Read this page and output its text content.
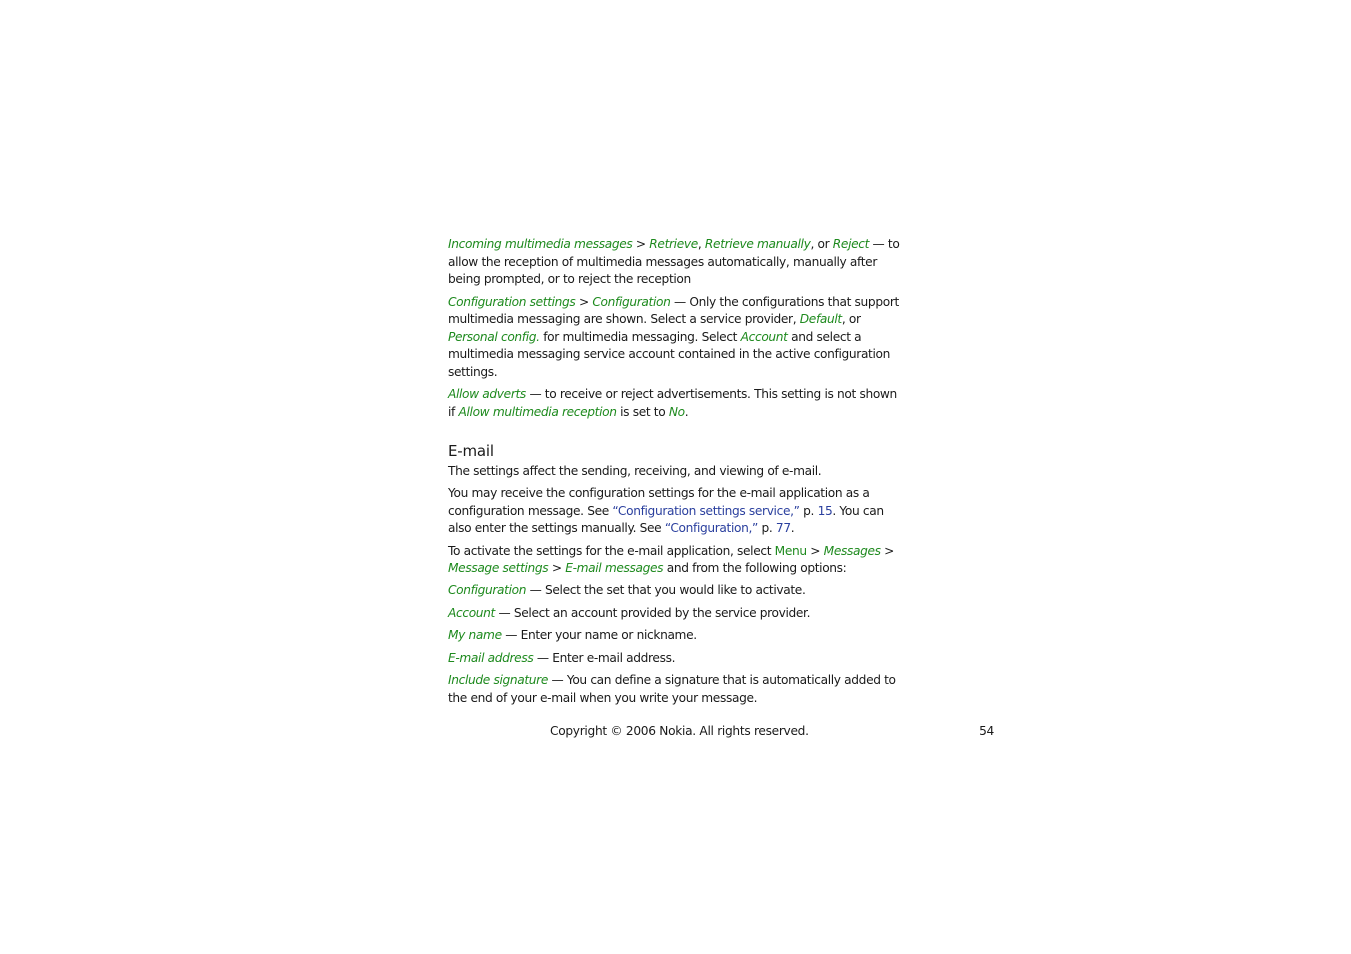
Incoming multimedia messages > Retrieve, Retrieve manually, or Reject — to allow the reception of multimedia messages automatically, manually after being prompted, or to reject the reception

Configuration settings > Configuration — Only the configurations that support multimedia messaging are shown. Select a service provider, Default, or Personal config. for multimedia messaging. Select Account and select a multimedia messaging service account contained in the active configuration settings.

Allow adverts — to receive or reject advertisements. This setting is not shown if Allow multimedia reception is set to No.

E-mail

The settings affect the sending, receiving, and viewing of e-mail.

You may receive the configuration settings for the e-mail application as a configuration message. See “Configuration settings service,” p. 15. You can also enter the settings manually. See “Configuration,” p. 77.

To activate the settings for the e-mail application, select Menu > Messages > Message settings > E-mail messages and from the following options:

Configuration — Select the set that you would like to activate.

Account — Select an account provided by the service provider.

My name — Enter your name or nickname.

E-mail address — Enter e-mail address.

Include signature — You can define a signature that is automatically added to the end of your e-mail when you write your message.

Copyright © 2006 Nokia. All rights reserved.	54
